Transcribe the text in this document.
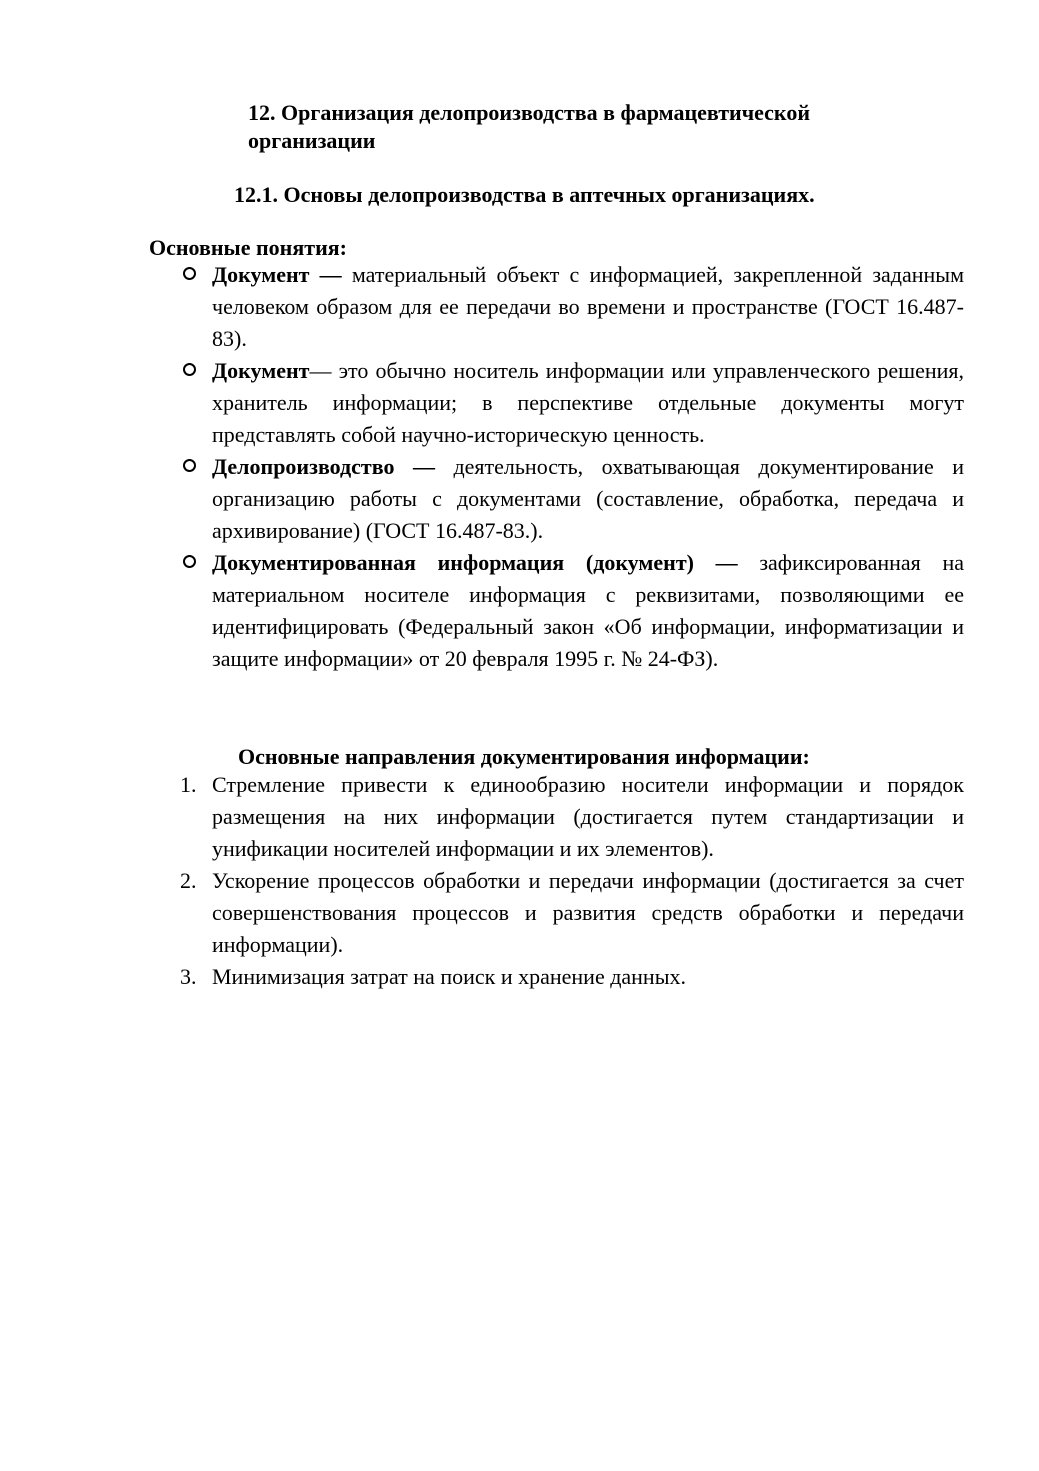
12. Организация делопроизводства в фармацевтической организации
12.1. Основы делопроизводства в аптечных организациях.

Основные понятия:

Документ — материальный объект с информацией, закрепленной заданным человеком образом для ее передачи во времени и пространстве (ГОСТ 16.487-83).
Документ— это обычно носитель информации или управленческого решения, хранитель информации; в перспективе отдельные документы могут представлять собой научно-историческую ценность.
Делопроизводство — деятельность, охватывающая документирование и организацию работы с документами (составление, обработка, передача и архивирование) (ГОСТ 16.487-83.).
Документированная информация (документ) — зафиксированная на материальном носителе информация с реквизитами, позволяющими ее идентифицировать (Федеральный закон «Об информации, информатизации и защите информации» от 20 февраля 1995 г. № 24-ФЗ).

Основные направления документирования информации:

1. Стремление привести к единообразию носители информации и порядок размещения на них информации (достигается путем стандартизации и унификации носителей информации и их элементов).
2. Ускорение процессов обработки и передачи информации (достигается за счет совершенствования процессов и развития средств обработки и передачи информации).
3. Минимизация затрат на поиск и хранение данных.
